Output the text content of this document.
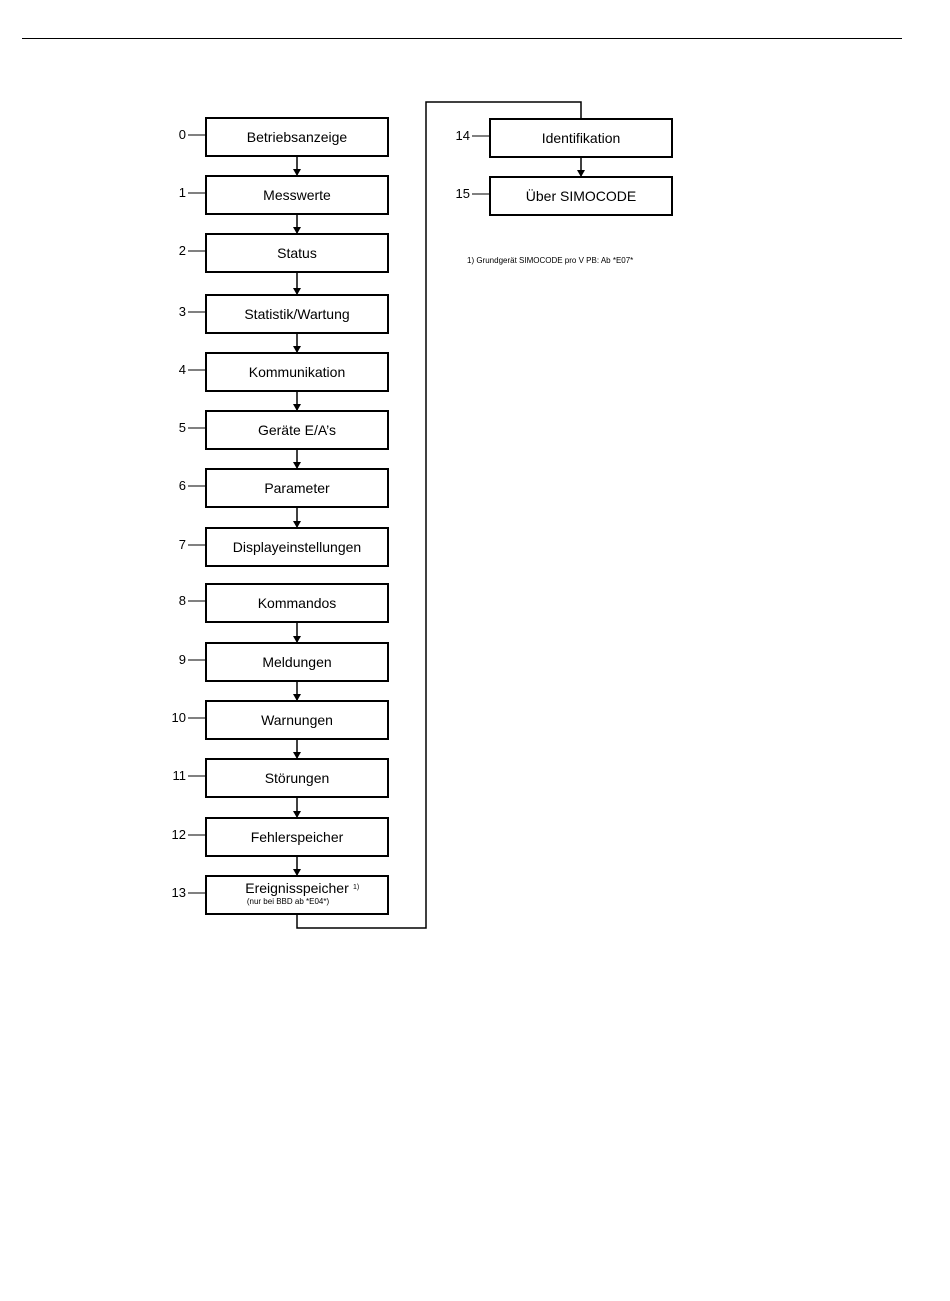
0	Betriebsanzeige
1	Messwerte
2	Status
3	Statistik/Wartung
4	Kommunikation
5	Geräte E/A’s
6	Parameter
7	Displayeinstellungen
8	Kommandos
9	Meldungen
10	Warnungen
11	Störungen
12	Fehlerspeicher
13	Ereignisspeicher 1)
(nur bei BBD ab *E04*)
14	Identifikation
15	Über SIMOCODE
1) Grundgerät SIMOCODE pro V PB: Ab *E07*
